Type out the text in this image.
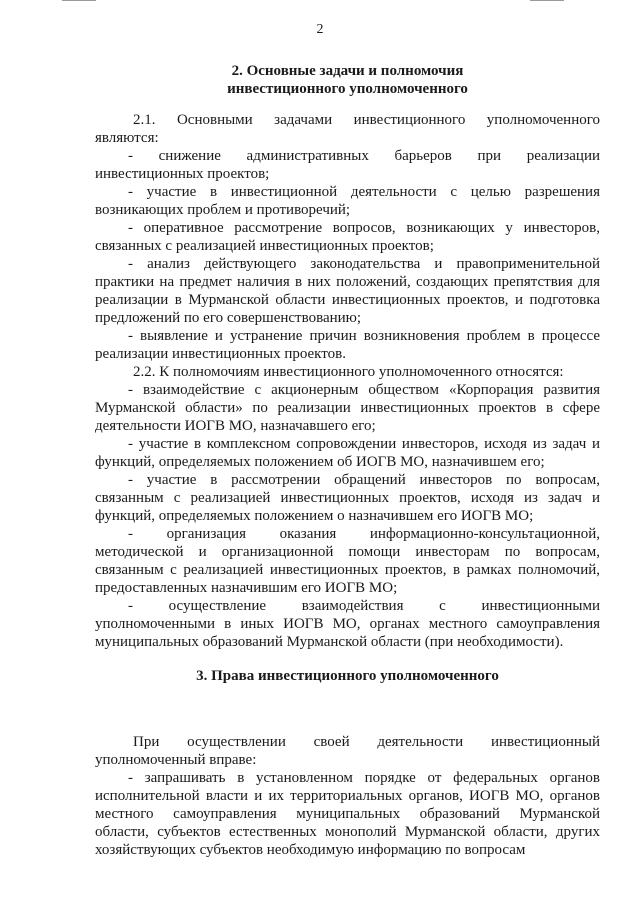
2
2. Основные задачи и полномочия
инвестиционного уполномоченного
2.1. Основными задачами инвестиционного уполномоченного
являются:
- снижение административных барьеров при реализации
инвестиционных проектов;
- участие в инвестиционной деятельности с целью разрешения
возникающих проблем и противоречий;
- оперативное рассмотрение вопросов, возникающих у инвесторов,
связанных с реализацией инвестиционных проектов;
- анализ действующего законодательства и правоприменительной
практики на предмет наличия в них положений, создающих препятствия для
реализации в Мурманской области инвестиционных проектов, и подготовка
предложений по его совершенствованию;
- выявление и устранение причин возникновения проблем в процессе
реализации инвестиционных проектов.
2.2. К полномочиям инвестиционного уполномоченного относятся:
- взаимодействие с акционерным обществом «Корпорация развития
Мурманской области» по реализации инвестиционных проектов в сфере
деятельности ИОГВ МО, назначавшего его;
- участие в комплексном сопровождении инвесторов, исходя из задач и
функций, определяемых положением об ИОГВ МО, назначившем его;
- участие в рассмотрении обращений инвесторов по вопросам,
связанным с реализацией инвестиционных проектов, исходя из задач и
функций, определяемых положением о назначившем его ИОГВ МО;
- организация оказания информационно-консультационной,
методической и организационной помощи инвесторам по вопросам,
связанным с реализацией инвестиционных проектов, в рамках полномочий,
предоставленных назначившим его ИОГВ МО;
- осуществление взаимодействия с инвестиционными
уполномоченными в иных ИОГВ МО, органах местного самоуправления
муниципальных образований Мурманской области (при необходимости).
При осуществлении своей деятельности инвестиционный
уполномоченный вправе:
- запрашивать в установленном порядке от федеральных органов
исполнительной власти и их территориальных органов, ИОГВ МО, органов
местного самоуправления муниципальных образований Мурманской
области, субъектов естественных монополий Мурманской области, других
хозяйствующих субъектов необходимую информацию по вопросам
3. Права инвестиционного уполномоченного
